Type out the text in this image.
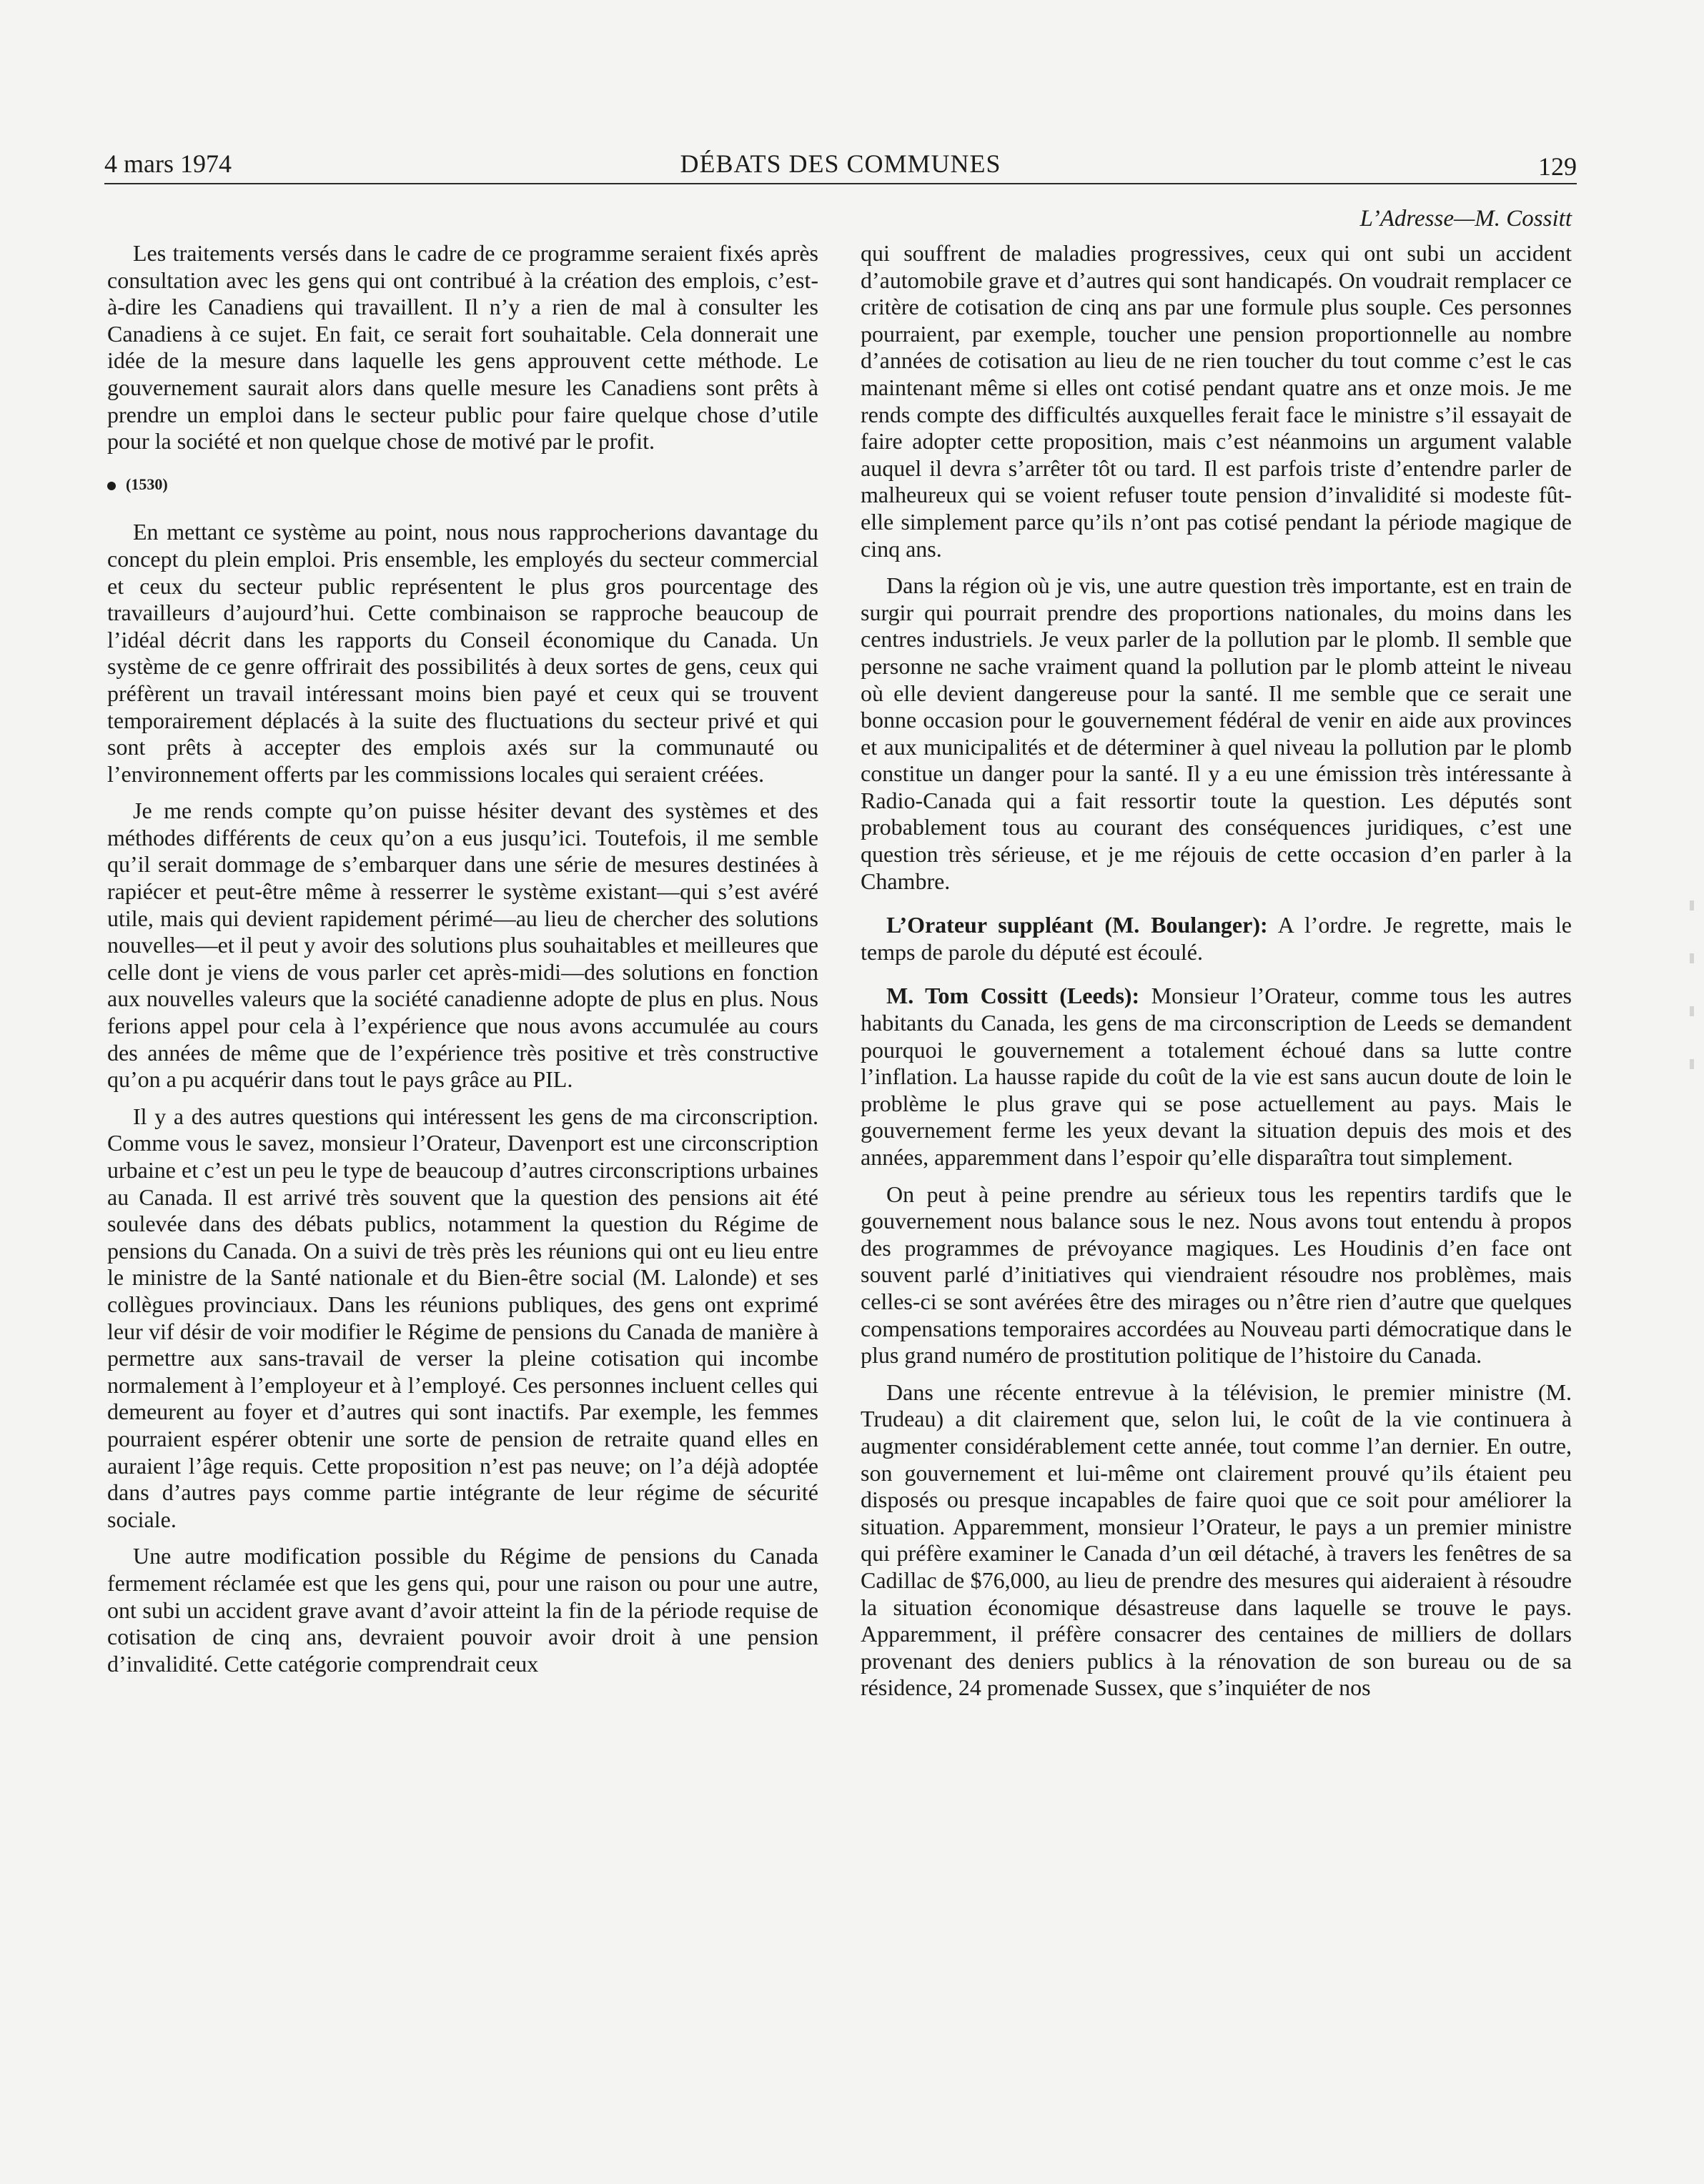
4 mars 1974	DÉBATS DES COMMUNES	129
L’Adresse—M. Cossitt

Les traitements versés dans le cadre de ce programme seraient fixés après consultation avec les gens qui ont contribué à la création des emplois, c’est-à-dire les Canadiens qui travaillent. Il n’y a rien de mal à consulter les Canadiens à ce sujet. En fait, ce serait fort souhaitable. Cela donnerait une idée de la mesure dans laquelle les gens approuvent cette méthode. Le gouvernement saurait alors dans quelle mesure les Canadiens sont prêts à prendre un emploi dans le secteur public pour faire quelque chose d’utile pour la société et non quelque chose de motivé par le profit.

(1530)

En mettant ce système au point, nous nous rapprocherions davantage du concept du plein emploi. Pris ensemble, les employés du secteur commercial et ceux du secteur public représentent le plus gros pourcentage des travailleurs d’aujourd’hui. Cette combinaison se rapproche beaucoup de l’idéal décrit dans les rapports du Conseil économique du Canada. Un système de ce genre offrirait des possibilités à deux sortes de gens, ceux qui préfèrent un travail intéressant moins bien payé et ceux qui se trouvent temporairement déplacés à la suite des fluctuations du secteur privé et qui sont prêts à accepter des emplois axés sur la communauté ou l’environnement offerts par les commissions locales qui seraient créées.

Je me rends compte qu’on puisse hésiter devant des systèmes et des méthodes différents de ceux qu’on a eus jusqu’ici. Toutefois, il me semble qu’il serait dommage de s’embarquer dans une série de mesures destinées à rapiécer et peut-être même à resserrer le système existant—qui s’est avéré utile, mais qui devient rapidement périmé—au lieu de chercher des solutions nouvelles—et il peut y avoir des solutions plus souhaitables et meilleures que celle dont je viens de vous parler cet après-midi—des solutions en fonction aux nouvelles valeurs que la société canadienne adopte de plus en plus. Nous ferions appel pour cela à l’expérience que nous avons accumulée au cours des années de même que de l’expérience très positive et très constructive qu’on a pu acquérir dans tout le pays grâce au PIL.

Il y a des autres questions qui intéressent les gens de ma circonscription. Comme vous le savez, monsieur l’Orateur, Davenport est une circonscription urbaine et c’est un peu le type de beaucoup d’autres circonscriptions urbaines au Canada. Il est arrivé très souvent que la question des pensions ait été soulevée dans des débats publics, notamment la question du Régime de pensions du Canada. On a suivi de très près les réunions qui ont eu lieu entre le ministre de la Santé nationale et du Bien-être social (M. Lalonde) et ses collègues provinciaux. Dans les réunions publiques, des gens ont exprimé leur vif désir de voir modifier le Régime de pensions du Canada de manière à permettre aux sans-travail de verser la pleine cotisation qui incombe normalement à l’employeur et à l’employé. Ces personnes incluent celles qui demeurent au foyer et d’autres qui sont inactifs. Par exemple, les femmes pourraient espérer obtenir une sorte de pension de retraite quand elles en auraient l’âge requis. Cette proposition n’est pas neuve; on l’a déjà adoptée dans d’autres pays comme partie intégrante de leur régime de sécurité sociale.

Une autre modification possible du Régime de pensions du Canada fermement réclamée est que les gens qui, pour une raison ou pour une autre, ont subi un accident grave avant d’avoir atteint la fin de la période requise de cotisation de cinq ans, devraient pouvoir avoir droit à une pension d’invalidité. Cette catégorie comprendrait ceux

qui souffrent de maladies progressives, ceux qui ont subi un accident d’automobile grave et d’autres qui sont handicapés. On voudrait remplacer ce critère de cotisation de cinq ans par une formule plus souple. Ces personnes pourraient, par exemple, toucher une pension proportionnelle au nombre d’années de cotisation au lieu de ne rien toucher du tout comme c’est le cas maintenant même si elles ont cotisé pendant quatre ans et onze mois. Je me rends compte des difficultés auxquelles ferait face le ministre s’il essayait de faire adopter cette proposition, mais c’est néanmoins un argument valable auquel il devra s’arrêter tôt ou tard. Il est parfois triste d’entendre parler de malheureux qui se voient refuser toute pension d’invalidité si modeste fût-elle simplement parce qu’ils n’ont pas cotisé pendant la période magique de cinq ans.

Dans la région où je vis, une autre question très importante, est en train de surgir qui pourrait prendre des proportions nationales, du moins dans les centres industriels. Je veux parler de la pollution par le plomb. Il semble que personne ne sache vraiment quand la pollution par le plomb atteint le niveau où elle devient dangereuse pour la santé. Il me semble que ce serait une bonne occasion pour le gouvernement fédéral de venir en aide aux provinces et aux municipalités et de déterminer à quel niveau la pollution par le plomb constitue un danger pour la santé. Il y a eu une émission très intéressante à Radio-Canada qui a fait ressortir toute la question. Les députés sont probablement tous au courant des conséquences juridiques, c’est une question très sérieuse, et je me réjouis de cette occasion d’en parler à la Chambre.

L’Orateur suppléant (M. Boulanger): A l’ordre. Je regrette, mais le temps de parole du député est écoulé.

M. Tom Cossitt (Leeds): Monsieur l’Orateur, comme tous les autres habitants du Canada, les gens de ma circonscription de Leeds se demandent pourquoi le gouvernement a totalement échoué dans sa lutte contre l’inflation. La hausse rapide du coût de la vie est sans aucun doute de loin le problème le plus grave qui se pose actuellement au pays. Mais le gouvernement ferme les yeux devant la situation depuis des mois et des années, apparemment dans l’espoir qu’elle disparaîtra tout simplement.

On peut à peine prendre au sérieux tous les repentirs tardifs que le gouvernement nous balance sous le nez. Nous avons tout entendu à propos des programmes de prévoyance magiques. Les Houdinis d’en face ont souvent parlé d’initiatives qui viendraient résoudre nos problèmes, mais celles-ci se sont avérées être des mirages ou n’être rien d’autre que quelques compensations temporaires accordées au Nouveau parti démocratique dans le plus grand numéro de prostitution politique de l’histoire du Canada.

Dans une récente entrevue à la télévision, le premier ministre (M. Trudeau) a dit clairement que, selon lui, le coût de la vie continuera à augmenter considérablement cette année, tout comme l’an dernier. En outre, son gouvernement et lui-même ont clairement prouvé qu’ils étaient peu disposés ou presque incapables de faire quoi que ce soit pour améliorer la situation. Apparemment, monsieur l’Orateur, le pays a un premier ministre qui préfère examiner le Canada d’un œil détaché, à travers les fenêtres de sa Cadillac de $76,000, au lieu de prendre des mesures qui aideraient à résoudre la situation économique désastreuse dans laquelle se trouve le pays. Apparemment, il préfère consacrer des centaines de milliers de dollars provenant des deniers publics à la rénovation de son bureau ou de sa résidence, 24 promenade Sussex, que s’inquiéter de nos
